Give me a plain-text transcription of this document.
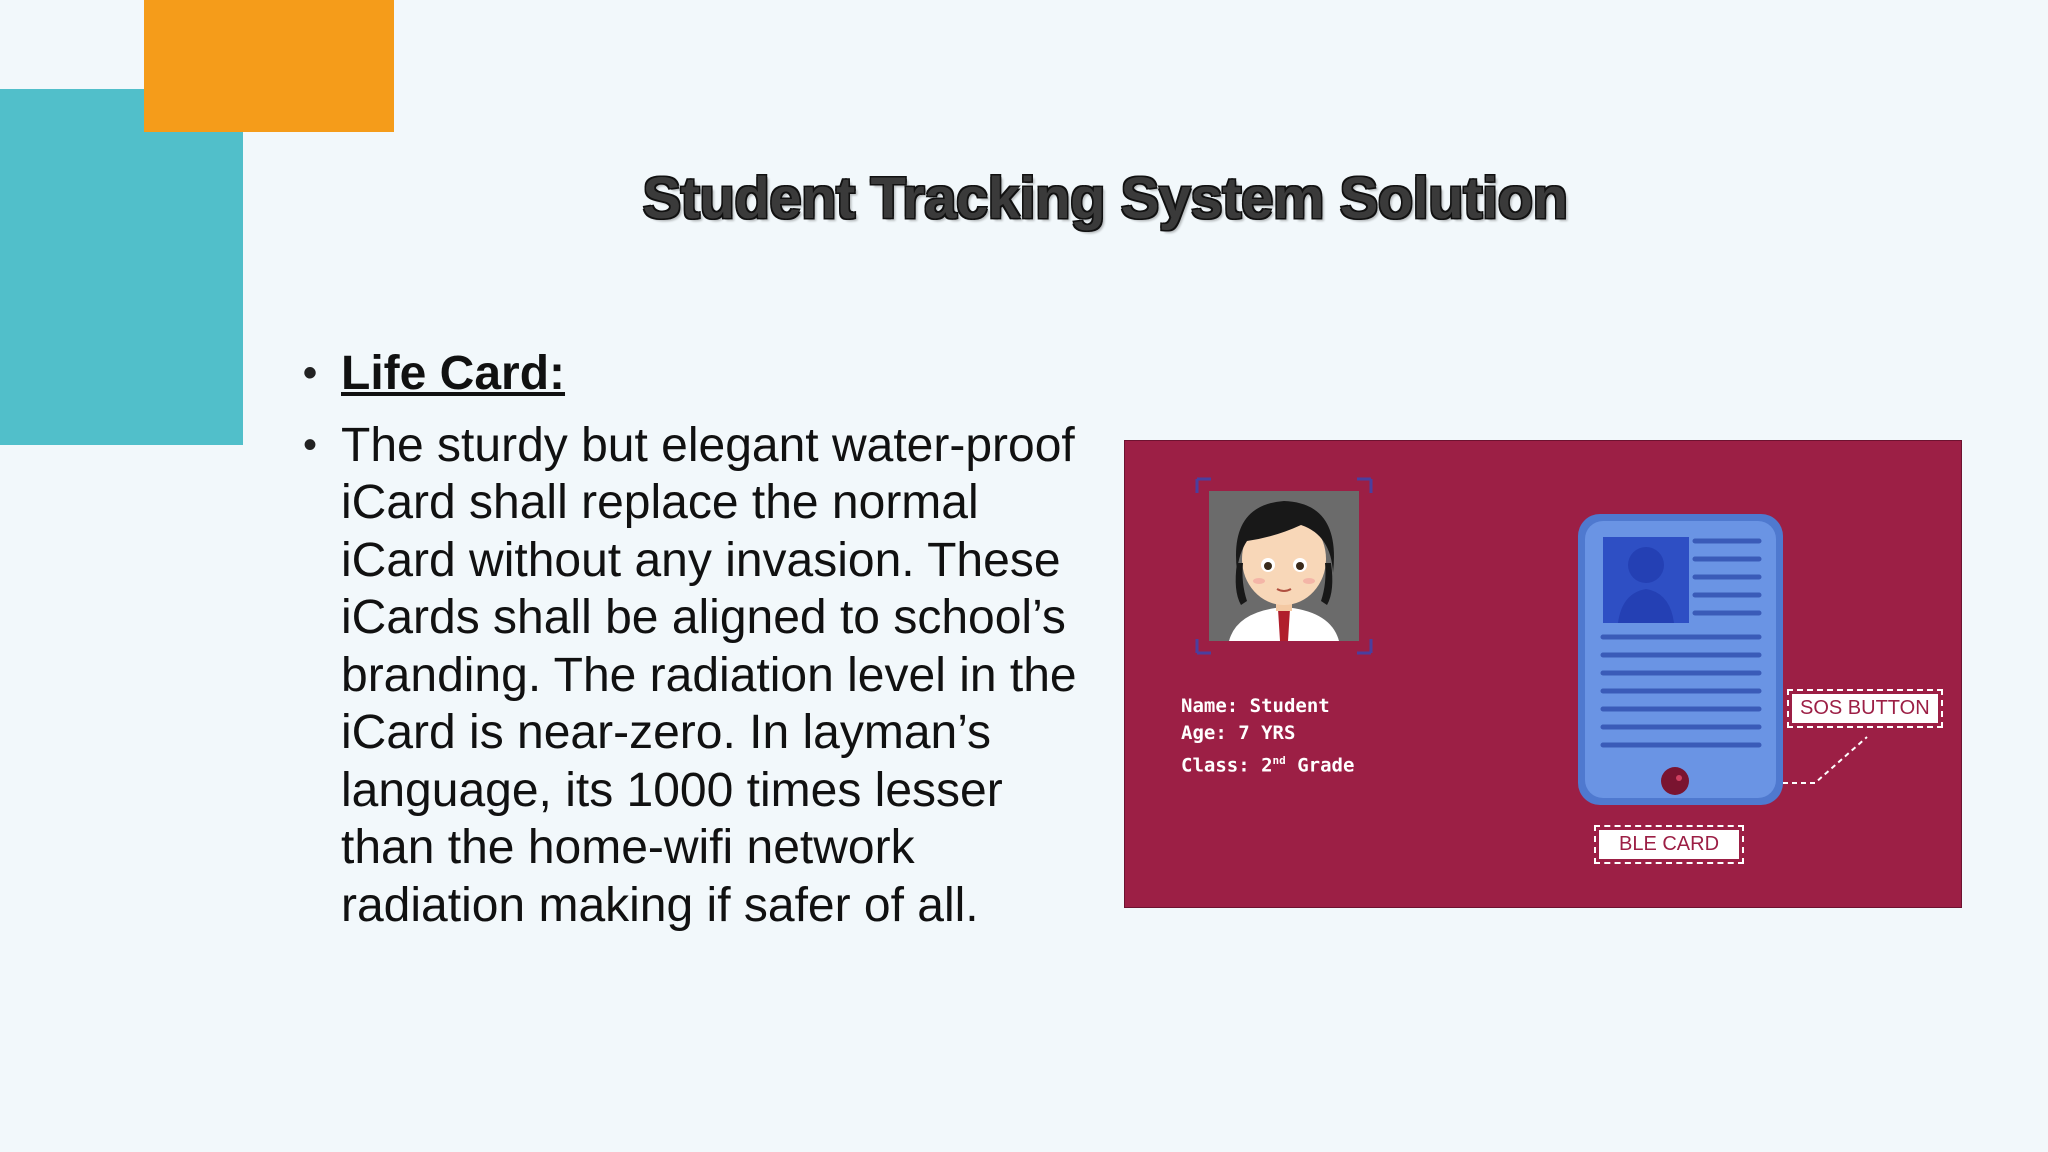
Student Tracking System Solution
• Life Card:
• The sturdy but elegant water-proof iCard shall replace the normal iCard without any invasion. These iCards shall be aligned to school’s branding. The radiation level in the iCard is near-zero. In layman’s language, its 1000 times lesser than the home-wifi network radiation making if safer of all.
Name: Student
Age: 7 YRS
Class: 2nd Grade
SOS BUTTON
BLE CARD
